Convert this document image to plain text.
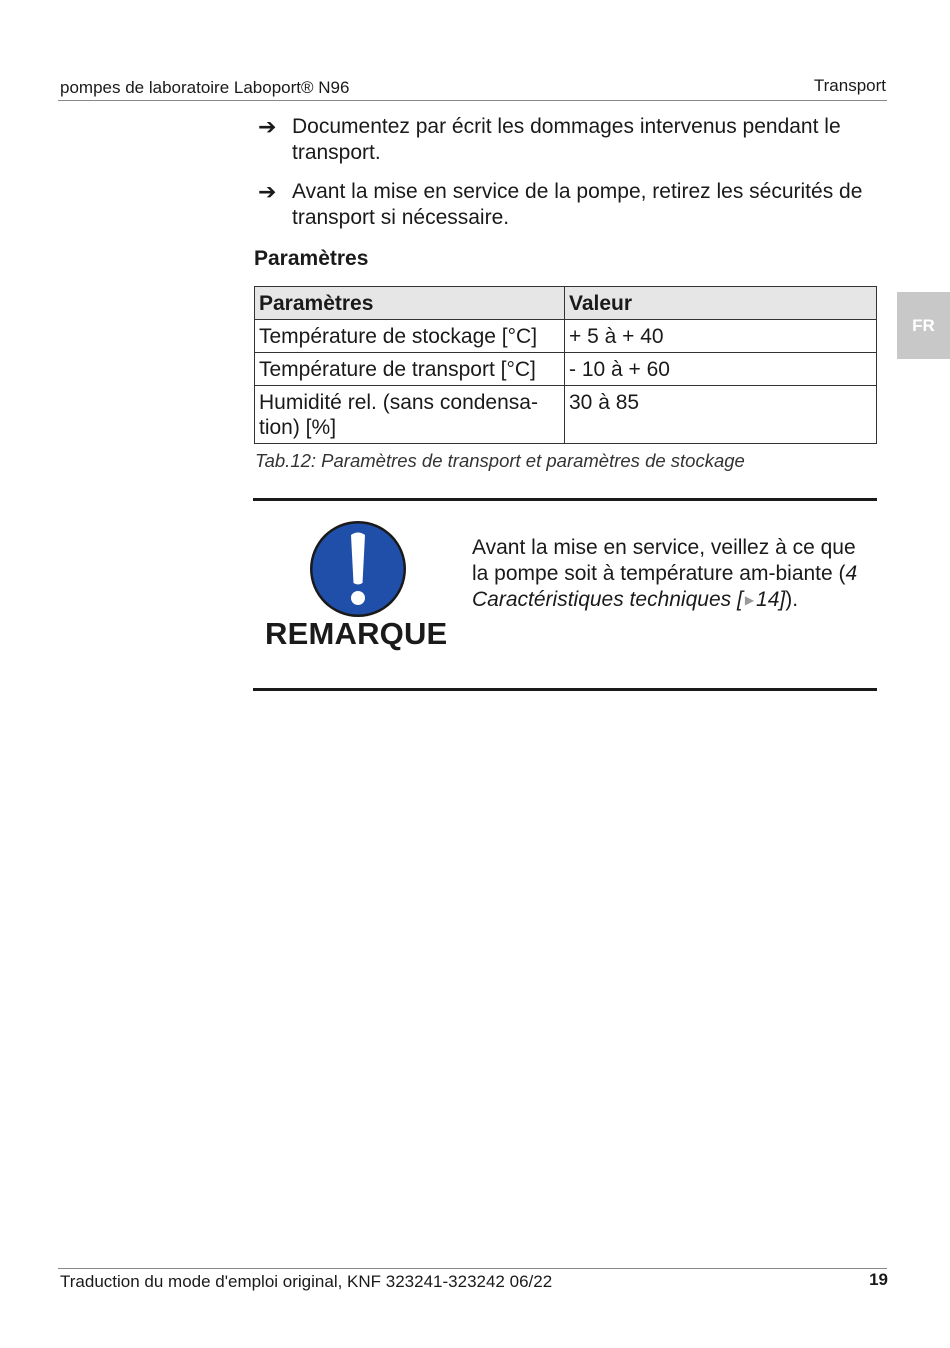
pompes de laboratoire Laboport® N96	Transport
FR
➔ Documentez par écrit les dommages intervenus pendant le transport.
➔ Avant la mise en service de la pompe, retirez les sécurités de transport si nécessaire.
Paramètres
Paramètres	Valeur
Température de stockage [°C]	+ 5 à + 40
Température de transport [°C]	- 10 à + 60
Humidité rel. (sans condensa-tion) [%]	30 à 85
Tab.12: Paramètres de transport et paramètres de stockage
REMARQUE
Avant la mise en service, veillez à ce que la pompe soit à température am-biante (4 Caractéristiques techniques [ ▶14]).
Traduction du mode d'emploi original, KNF 323241-323242 06/22	19
